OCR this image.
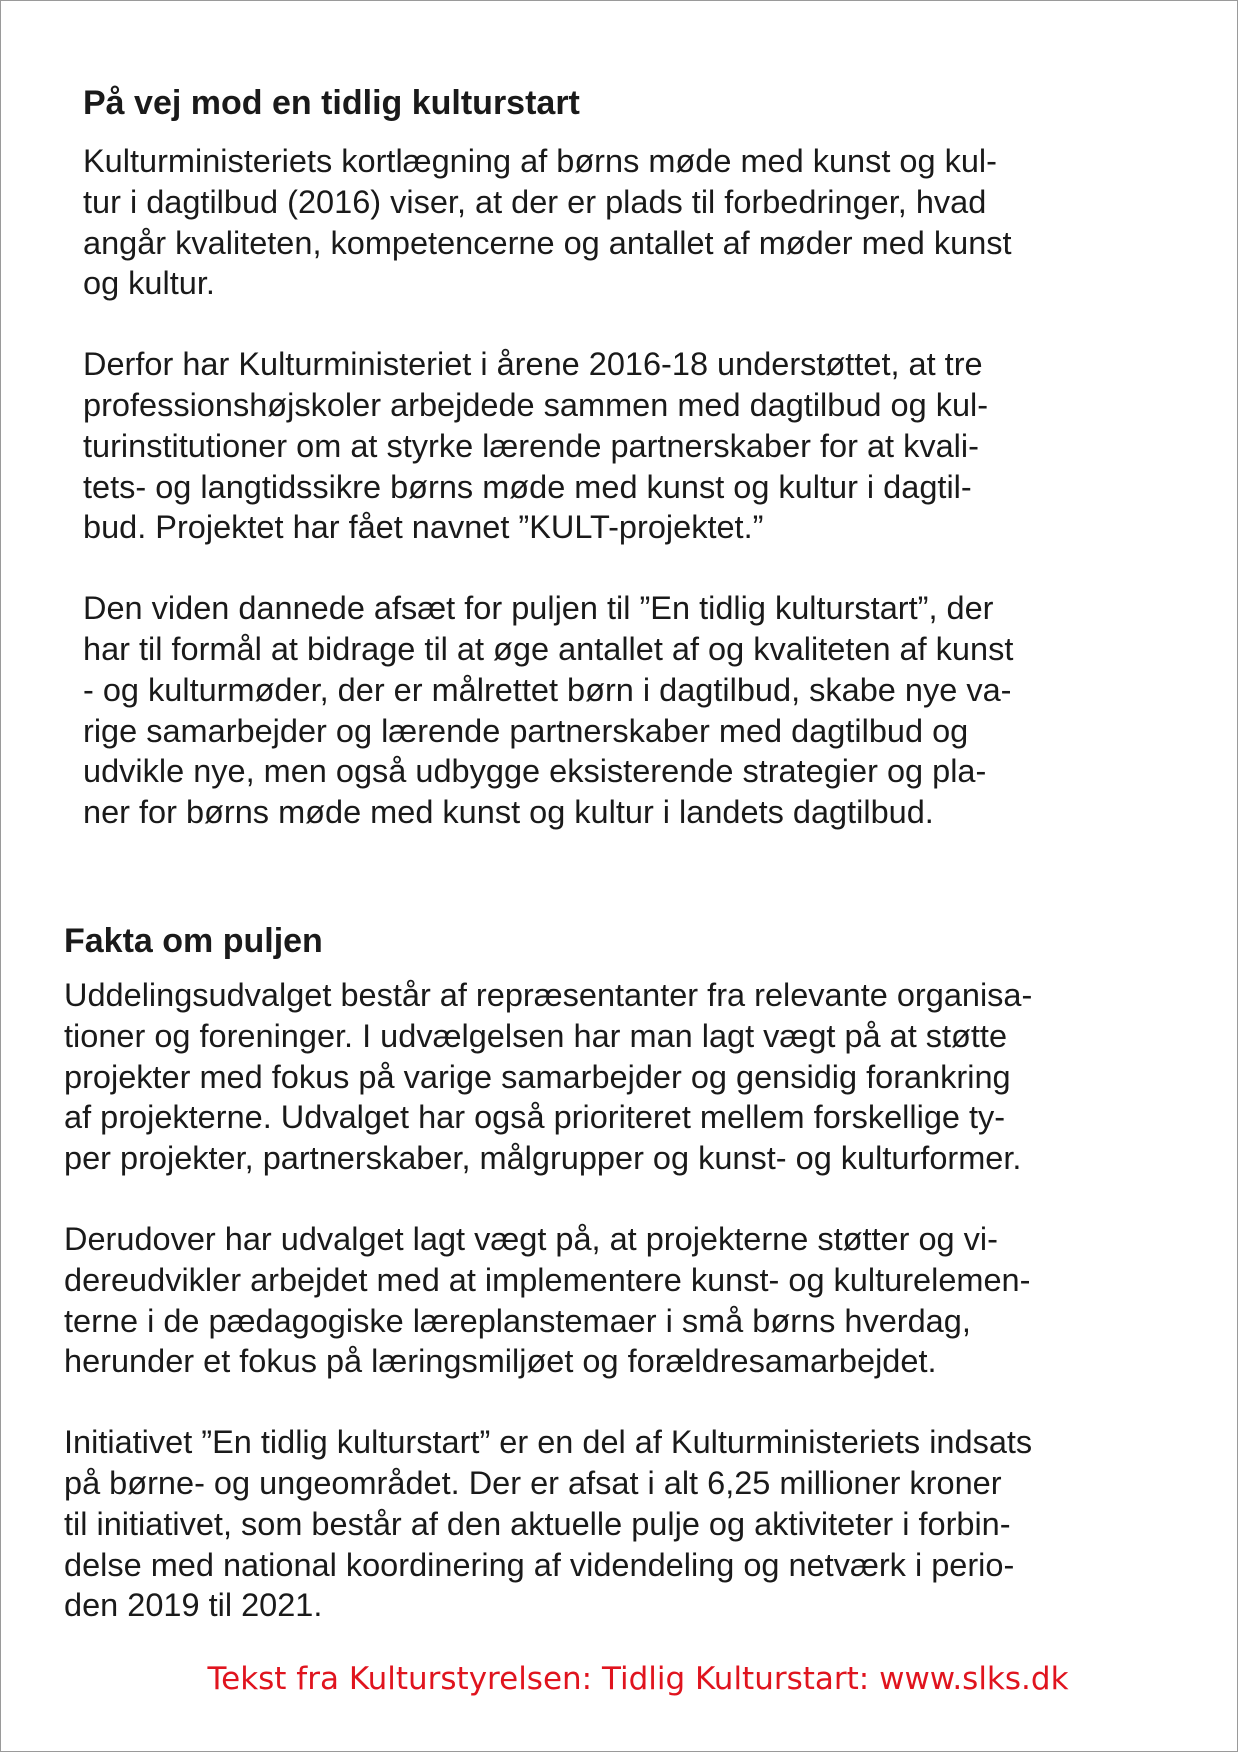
På vej mod en tidlig kulturstart

Kulturministeriets kortlægning af børns møde med kunst og kul-
tur i dagtilbud (2016) viser, at der er plads til forbedringer, hvad
angår kvaliteten, kompetencerne og antallet af møder med kunst
og kultur.

Derfor har Kulturministeriet i årene 2016-18 understøttet, at tre
professionshøjskoler arbejdede sammen med dagtilbud og kul-
turinstitutioner om at styrke lærende partnerskaber for at kvali-
tets- og langtidssikre børns møde med kunst og kultur i dagtil-
bud. Projektet har fået navnet ”KULT-projektet.”

Den viden dannede afsæt for puljen til ”En tidlig kulturstart”, der
har til formål at bidrage til at øge antallet af og kvaliteten af kunst
- og kulturmøder, der er målrettet børn i dagtilbud, skabe nye va-
rige samarbejder og lærende partnerskaber med dagtilbud og
udvikle nye, men også udbygge eksisterende strategier og pla-
ner for børns møde med kunst og kultur i landets dagtilbud.

Fakta om puljen

Uddelingsudvalget består af repræsentanter fra relevante organisa-
tioner og foreninger. I udvælgelsen har man lagt vægt på at støtte
projekter med fokus på varige samarbejder og gensidig forankring
af projekterne. Udvalget har også prioriteret mellem forskellige ty-
per projekter, partnerskaber, målgrupper og kunst- og kulturformer.

Derudover har udvalget lagt vægt på, at projekterne støtter og vi-
dereudvikler arbejdet med at implementere kunst- og kulturelemen-
terne i de pædagogiske læreplanstemaer i små børns hverdag,
herunder et fokus på læringsmiljøet og forældresamarbejdet.

Initiativet ”En tidlig kulturstart” er en del af Kulturministeriets indsats
på børne- og ungeområdet. Der er afsat i alt 6,25 millioner kroner
til initiativet, som består af den aktuelle pulje og aktiviteter i forbin-
delse med national koordinering af videndeling og netværk i perio-
den 2019 til 2021.

Tekst fra Kulturstyrelsen: Tidlig Kulturstart: www.slks.dk
